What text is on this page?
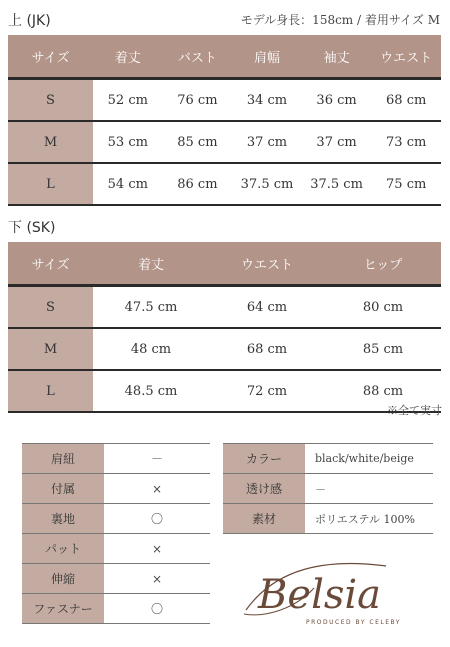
上 (JK)	モデル身長：158cm / 着用サイズ M
サイズ	着丈	バスト	肩幅	袖丈	ウエスト
S	52 cm	76 cm	34 cm	36 cm	68 cm
M	53 cm	85 cm	37 cm	37 cm	73 cm
L	54 cm	86 cm	37.5 cm	37.5 cm	75 cm
下 (SK)
サイズ	着丈	ウエスト	ヒップ
S	47.5 cm	64 cm	80 cm
M	48 cm	68 cm	85 cm
L	48.5 cm	72 cm	88 cm
※全て実寸
肩紐	－
付属	×
裏地	〇
パット	×
伸縮	×
ファスナー	〇
カラー	black/white/beige
透け感	－
素材	ポリエステル 100%
Belsia
PRODUCED BY CELEBY
